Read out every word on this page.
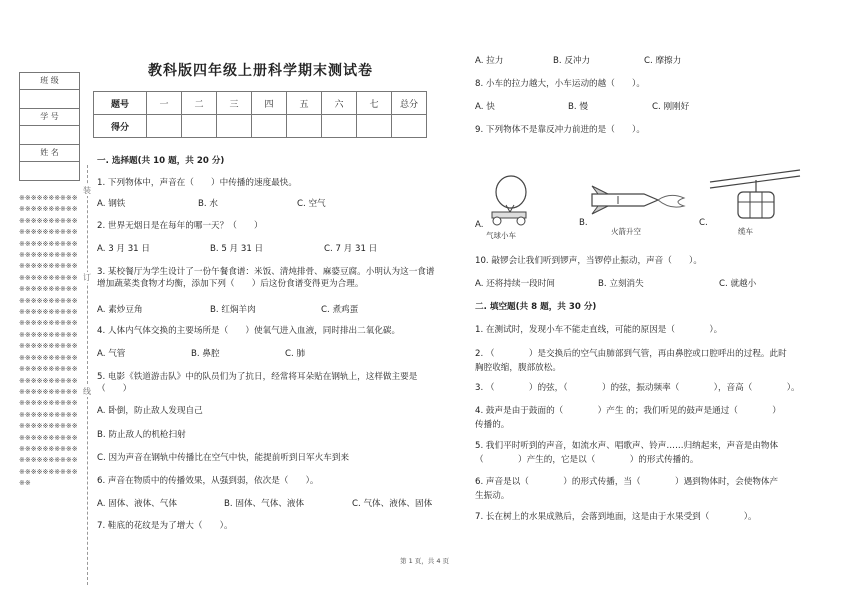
班 级
学 号
姓 名
※※※※※※※※※※※※※※※※※※※※※※※※※※※※※※※※※※※※※※※※※※※※※※※※※※※※※※※※※※※※※※※※※※※※※※※※※※※※※※※※※※※※※※※※※※※※※※※※※※※※※※※※※※※※※※※※※※※※※※※※※※※※※※※※※※※※※※※※※※※※※※※※※※※※※※※※※※※※※※※※※※※※※※※※※※※※※※※※※※※※※※※※※※※※※※※※※※※※※※※※※※※※※※※※※※※※※※※※※※※※※※※※※※※※※※※※※※※※※※※※※※※※※※※※※※※※
装
订
线
教科版四年级上册科学期末测试卷
题号	一	二	三	四	五	六	七	总分
得分								
一. 选择题(共 10 题，共 20 分)
1. 下列物体中，声音在（　　）中传播的速度最快。
A. 钢铁	B. 水	C. 空气
2. 世界无烟日是在每年的哪一天？（　　）
A. 3 月 31 日	B. 5 月 31 日	C. 7 月 31 日
3. 某校餐厅为学生设计了一份午餐食谱：米饭、清炖排骨、麻婆豆腐。小明认为这一食谱增加蔬菜类食物才均衡，添加下列（　　）后这份食谱变得更为合理。
A. 素炒豆角	B. 红焖羊肉	C. 煮鸡蛋
4. 人体内气体交换的主要场所是（　　）使氧气进入血液，同时排出二氧化碳。
A. 气管	B. 鼻腔	C. 肺
5. 电影《铁道游击队》中的队员们为了抗日，经常将耳朵贴在钢轨上，这样做主要是（　　）
A. 卧倒，防止敌人发现自己
B. 防止敌人的机枪扫射
C. 因为声音在钢轨中传播比在空气中快，能提前听到日军火车到来
6. 声音在物质中的传播效果，从强到弱，依次是（　　）。
A. 固体、液体、气体	B. 固体、气体、液体	C. 气体、液体、固体
7. 鞋底的花纹是为了增大（　　）。
A. 拉力	B. 反冲力	C. 摩擦力
8. 小车的拉力越大，小车运动的越（　　）。
A. 快	B. 慢	C. 刚刚好
9. 下列物体不是靠反冲力前进的是（　　）。
A.
气球小车
B.
火箭升空
C.
缆车
10. 敲锣会让我们听到锣声，当锣停止振动，声音（　　）。
A. 还将持续一段时间	B. 立刻消失	C. 就越小
二. 填空题(共 8 题，共 30 分)
1. 在测试时，发现小车不能走直线，可能的原因是（　　　　）。
2. （　　　　）是交换后的空气由肺部到气管，再由鼻腔或口腔呼出的过程。此时
胸腔收缩，腹部放松。
3. （　　　　）的弦，（　　　　）的弦，振动频率（　　　　），音高（　　　　）。
4. 鼓声是由于鼓面的（　　　　）产生 的；我们听见的鼓声是通过（　　　　）
传播的。
5. 我们平时听到的声音，如流水声、唱歌声、铃声……归纳起来，声音是由物体
（　　　　）产生的，它是以（　　　　）的形式传播的。
6. 声音是以（　　　　）的形式传播，当（　　　　）遇到物体时，会使物体产
生振动。
7. 长在树上的水果成熟后，会落到地面，这是由于水果受到（　　　　）。
第 1 页，共 4 页
